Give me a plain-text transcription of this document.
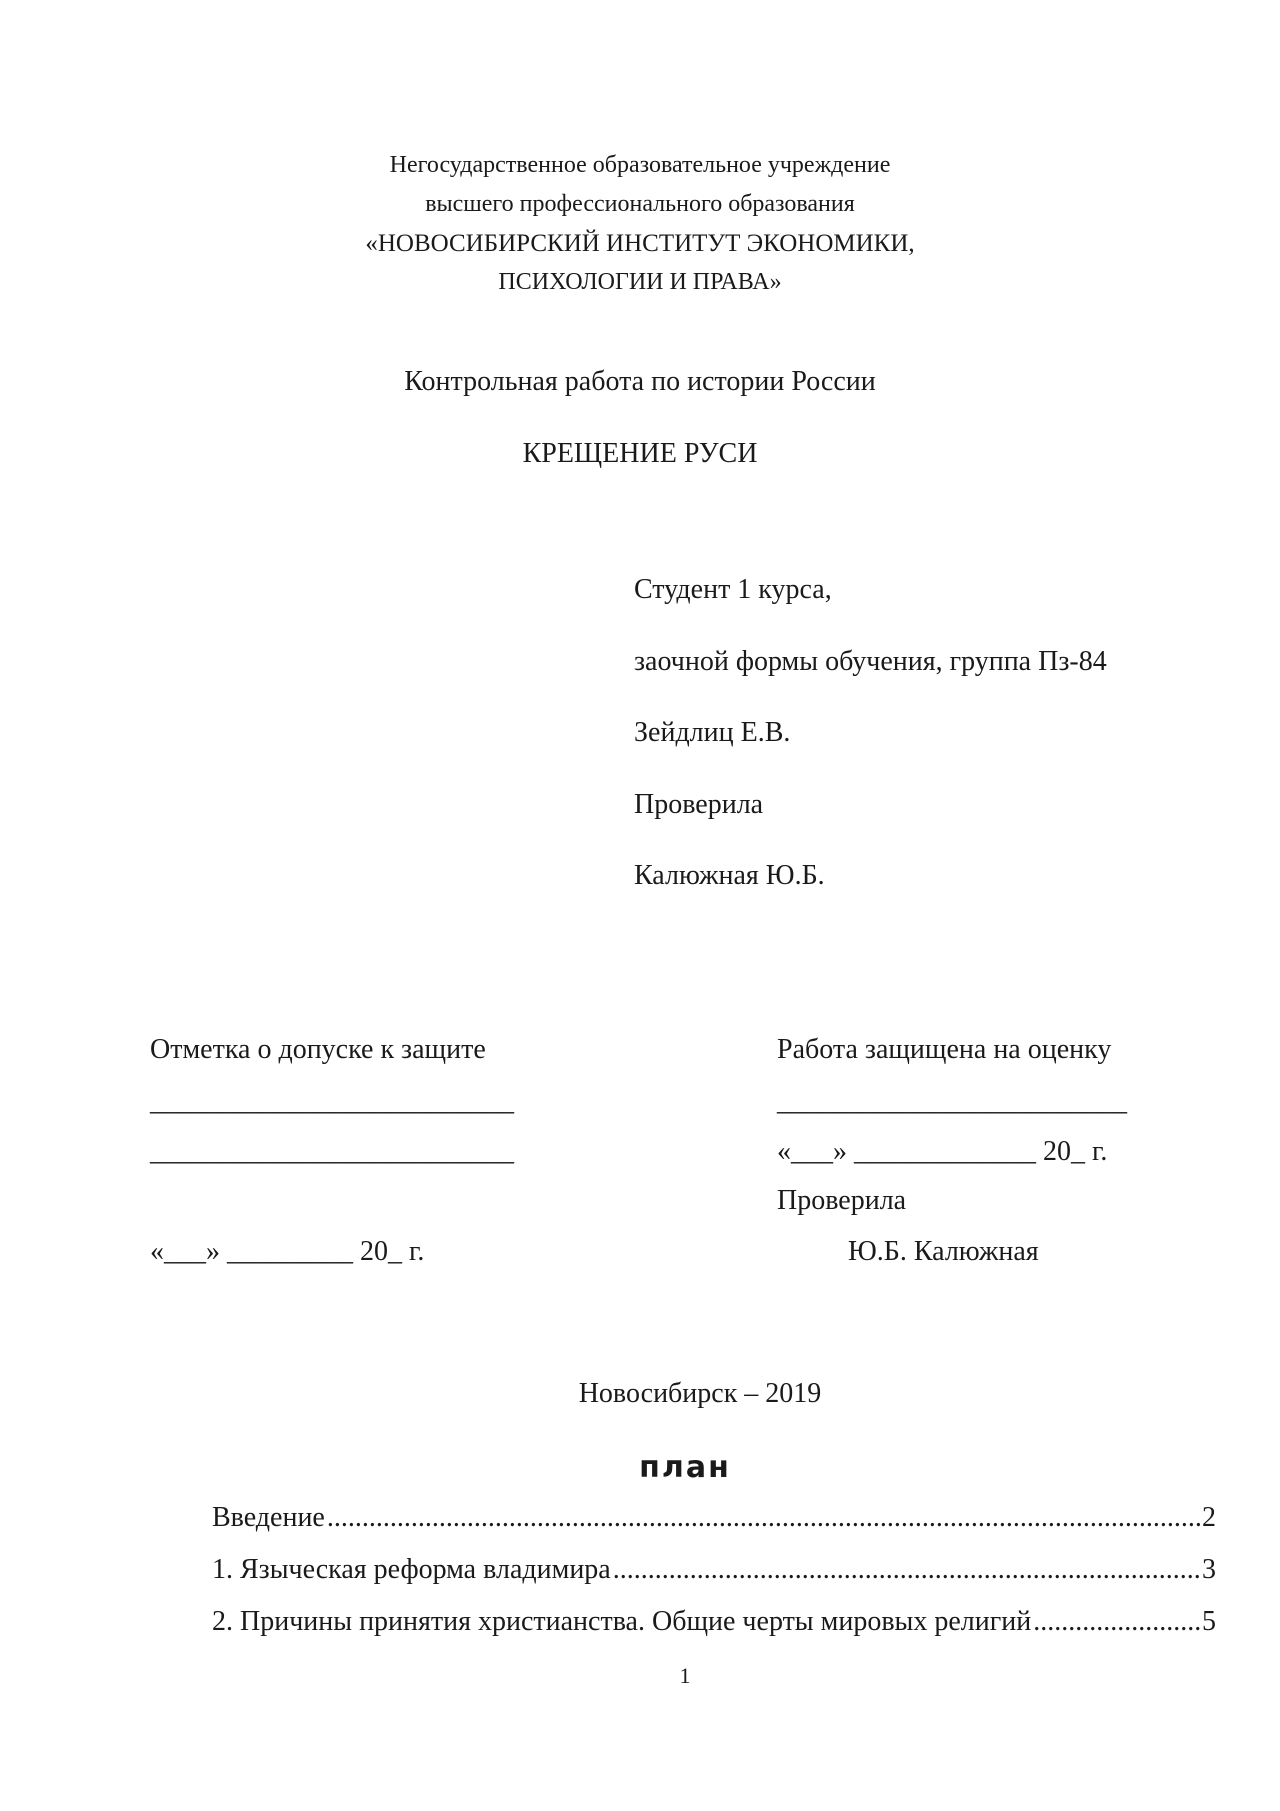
Негосударственное образовательное учреждение
высшего профессионального образования
«НОВОСИБИРСКИЙ ИНСТИТУТ ЭКОНОМИКИ,
ПСИХОЛОГИИ И ПРАВА»
Контрольная работа по истории России
КРЕЩЕНИЕ РУСИ
Студент 1 курса,
заочной формы обучения, группа Пз-84
Зейдлиц Е.В.
Проверила
Калюжная Ю.Б.
Отметка о допуске к защите
__________________________
__________________________
«___» _________ 20_ г.
Работа защищена на оценку
_________________________
«___» _____________ 20_ г.
Проверила
Ю.Б. Калюжная
Новосибирск – 2019
план
Введение .....	2
1. Языческая реформа владимира .....	3
2. Причины принятия христианства. Общие черты мировых религий .....	5
1
